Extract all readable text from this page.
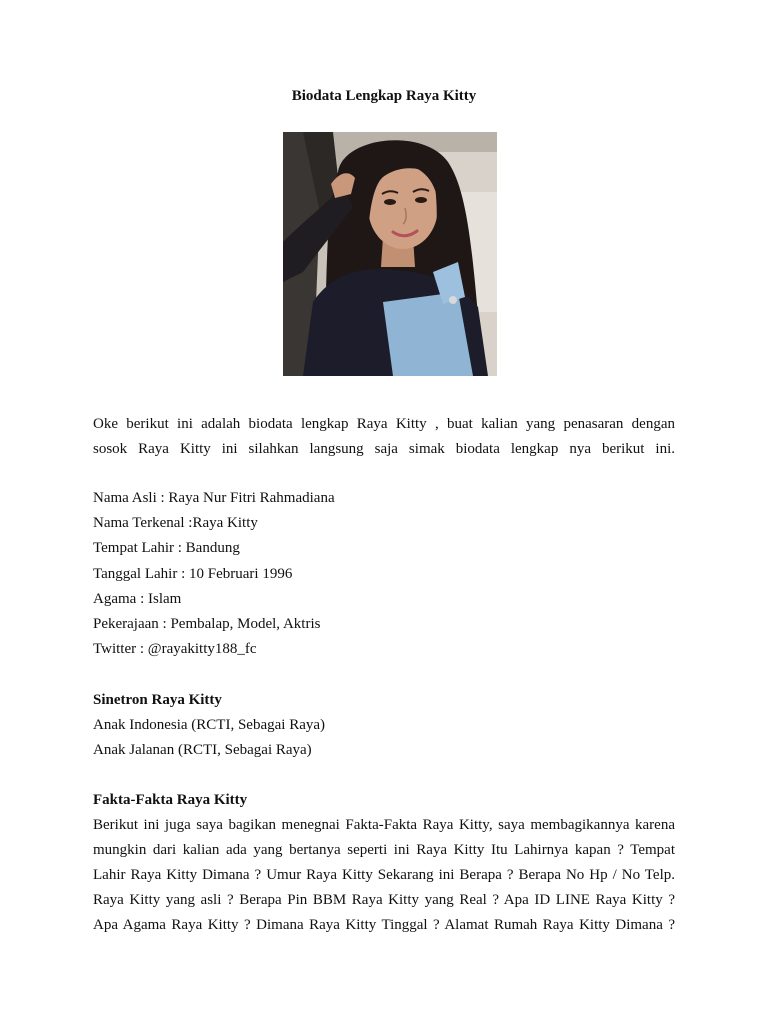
Biodata Lengkap Raya Kitty

Oke berikut ini adalah biodata lengkap Raya Kitty , buat kalian yang penasaran dengan

sosok Raya Kitty ini silahkan langsung saja simak biodata lengkap nya berikut ini.

Nama Asli : Raya Nur Fitri Rahmadiana
Nama Terkenal :Raya Kitty
Tempat Lahir : Bandung
Tanggal Lahir : 10 Februari 1996
Agama : Islam
Pekerajaan : Pembalap, Model, Aktris
Twitter : @rayakitty188_fc
Sinetron Raya Kitty
Anak Indonesia (RCTI, Sebagai Raya)
Anak Jalanan (RCTI, Sebagai Raya)
Fakta-Fakta Raya Kitty
Berikut ini juga saya bagikan menegnai Fakta-Fakta Raya Kitty, saya membagikannya karena
mungkin dari kalian ada yang bertanya seperti ini Raya Kitty Itu Lahirnya kapan ? Tempat
Lahir Raya Kitty Dimana ? Umur Raya Kitty Sekarang ini Berapa ? Berapa No Hp / No Telp.
Raya Kitty yang asli ? Berapa Pin BBM Raya Kitty yang Real ? Apa ID LINE Raya Kitty ?
Apa Agama Raya Kitty ? Dimana Raya Kitty Tinggal ? Alamat Rumah Raya Kitty Dimana ?
